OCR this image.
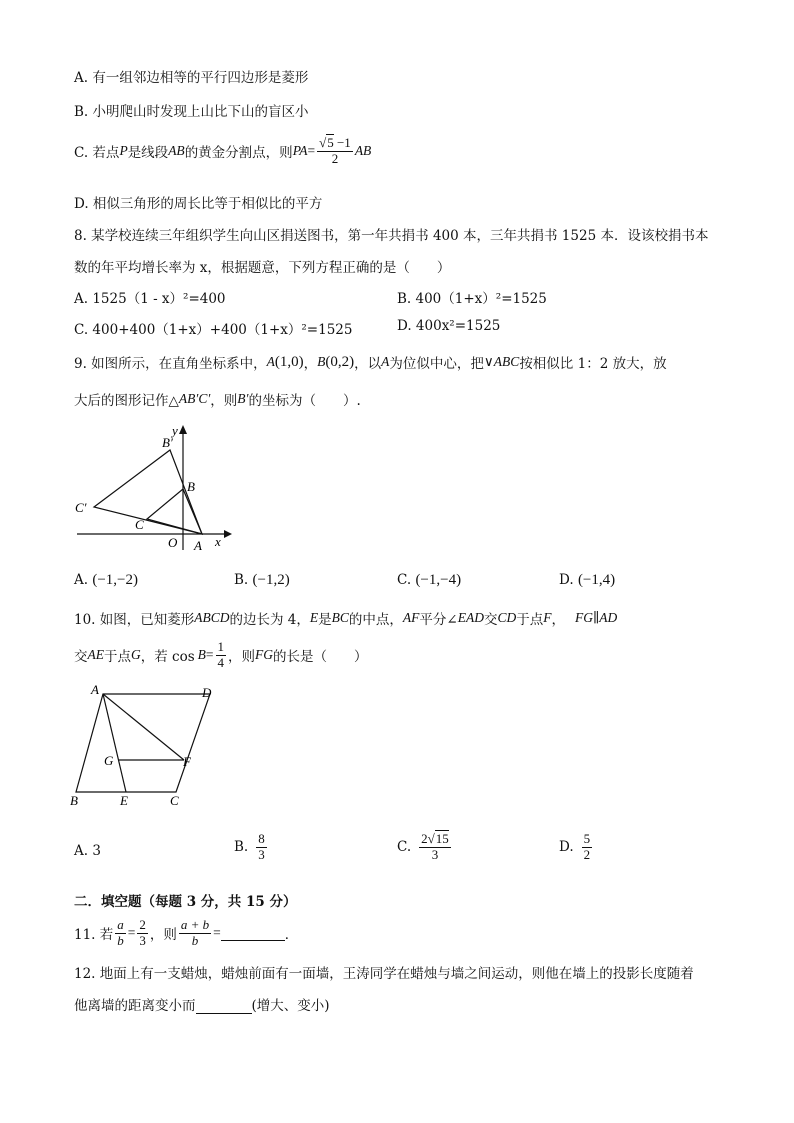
A. 有一组邻边相等的平行四边形是菱形
B. 小明爬山时发现上山比下山的盲区小
C. 若点 P 是线段 AB 的黄金分割点，则 PA = $\frac{√5 -1}{2}$ AB
D. 相似三角形的周长比等于相似比的平方
8. 某学校连续三年组织学生向山区捐送图书，第一年共捐书 400 本，三年共捐书 1525 本．设该校捐书本
数的年平均增长率为 x，根据题意，下列方程正确的是（　　）
A. 1525（1 - x）²=400	B. 400（1+x）²=1525
C. 400+400（1+x）+400（1+x）²=1525	D. 400x²=1525
9. 如图所示，在直角坐标系中， A (1,0) ， B (0,2) ，以 A 为位似中心，把 ∨ABC 按相似比 1：2 放大，放
大后的图形记作△ AB′C′ ，则 B′ 的坐标为（　　）.
y
B′
B
C′
C
O A x
A. (−1,−2)	B. (−1,2)	C. (−1,−4)	D. (−1,4)
10. 如图，已知菱形 ABCD 的边长为 4， E 是 BC 的中点， AF 平分∠ EAD 交 CD 于点 F ， FG ∥ AD
交 AE 于点 G ，若 $\cos B = \frac{1}{4}$ ，则 FG 的长是（　　）
A	D
G	F
B	E	C
A. 3	B. $\frac{8}{3}$	C. $\frac{2√15}{3}$	D. $\frac{5}{2}$
二．填空题（每题 3 分，共 15 分）
11. 若 $\frac{a}{b} = \frac{2}{3}$ ，则 $\frac{a + b}{b}$ =	．
12. 地面上有一支蜡烛，蜡烛前面有一面墙，王涛同学在蜡烛与墙之间运动，则他在墙上的投影长度随着
他离墙的距离变小而	(增大、变小)
